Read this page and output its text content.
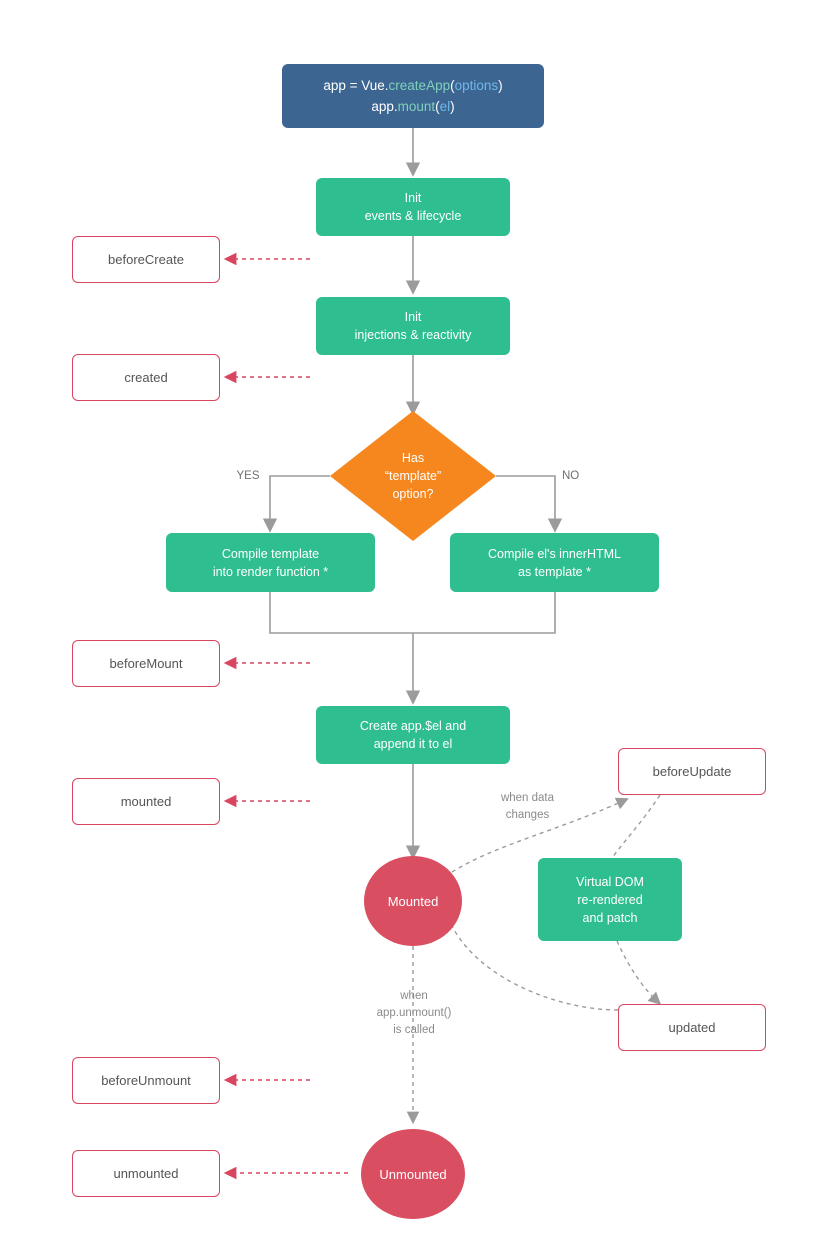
app = Vue.createApp(options)
app.mount(el)
Init
events & lifecycle
Init
injections & reactivity
Has
“template”
option?
YES	NO
Compile template
into render function *
Compile el's innerHTML
as template *
Create app.$el and
append it to el
Virtual DOM
re-rendered
and patch
Mounted
Unmounted
beforeCreate
created
beforeMount
mounted
beforeUnmount
unmounted
beforeUpdate
updated
when data
changes
when
app.unmount()
is called
